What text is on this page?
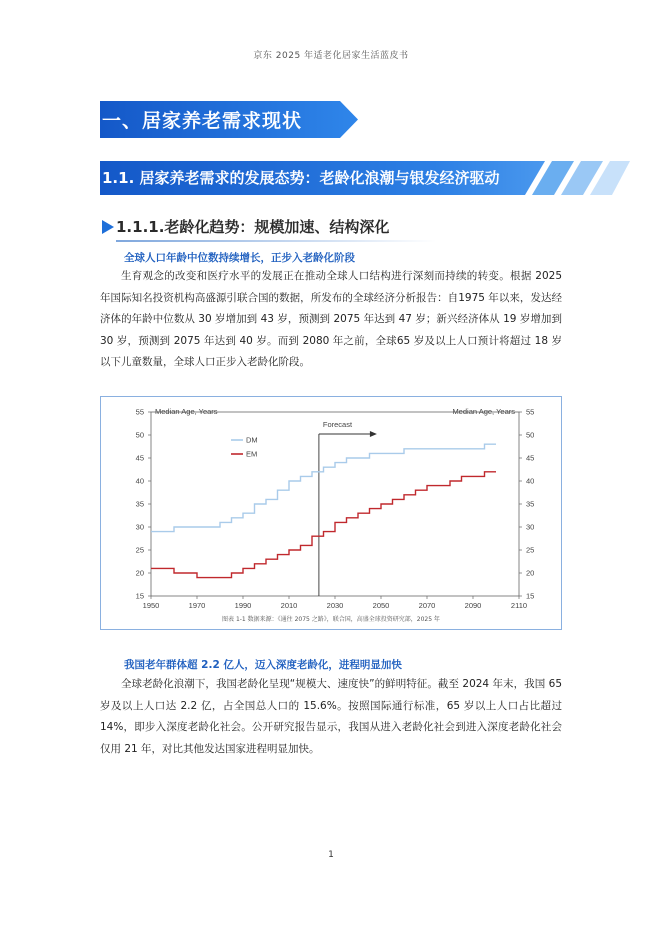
京东 2025 年适老化居家生活蓝皮书
一、居家养老需求现状
1.1. 居家养老需求的发展态势：老龄化浪潮与银发经济驱动
1.1.1.老龄化趋势：规模加速、结构深化
全球人口年龄中位数持续增长，正步入老龄化阶段
生育观念的改变和医疗水平的发展正在推动全球人口结构进行深刻而持续的转变。根据 2025 年国际知名投资机构高盛源引联合国的数据，所发布的全球经济分析报告：自1975 年以来，发达经济体的年龄中位数从 30 岁增加到 43 岁，预测到 2075 年达到 47 岁；新兴经济体从 19 岁增加到 30 岁，预测到 2075 年达到 40 岁。而到 2080 年之前，全球65 岁及以上人口预计将超过 18 岁以下儿童数量，全球人口正步入老龄化阶段。
15	15
20	20
25	25
30	30
35	35
40	40
45	45
50	50
55	55
1950	1970	1990	2010	2030	2050	2070	2090	2110
Median Age, Years	Median Age, Years
Forecast
DM
EM
图表 1-1 数据来源：《通往 2075 之路》，联合国，高盛全球投资研究部，2025 年
我国老年群体超 2.2 亿人，迈入深度老龄化，进程明显加快
全球老龄化浪潮下，我国老龄化呈现“规模大、速度快”的鲜明特征。截至 2024 年末，我国 65 岁及以上人口达 2.2 亿，占全国总人口的 15.6%。按照国际通行标准，65 岁以上人口占比超过 14%，即步入深度老龄化社会。公开研究报告显示，我国从进入老龄化社会到进入深度老龄化社会仅用 21 年，对比其他发达国家进程明显加快。
1
